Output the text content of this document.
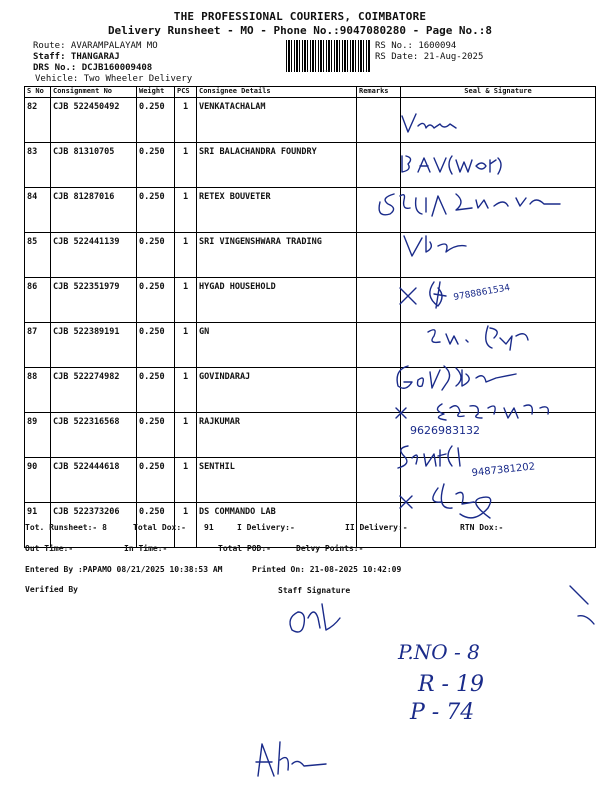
THE PROFESSIONAL COURIERS, COIMBATORE
Delivery Runsheet - MO - Phone No.:9047080280 - Page No.:8
Route: AVARAMPALAYAM MO
Staff: THANGARAJ
DRS No.: DCJB160009408
Vehicle: Two Wheeler Delivery
RS No.: 1600094
RS Date: 21-Aug-2025
S No	Consignment No	Weight	PCS	Consignee Details	Remarks	Seal & Signature
82	CJB 522450492	0.250	1	VENKATACHALAM		
83	CJB 81310705	0.250	1	SRI BALACHANDRA FOUNDRY		
84	CJB 81287016	0.250	1	RETEX BOUVETER		
85	CJB 522441139	0.250	1	SRI VINGENSHWARA TRADING		
86	CJB 522351979	0.250	1	HYGAD HOUSEHOLD		
87	CJB 522389191	0.250	1	GN		
88	CJB 522274982	0.250	1	GOVINDARAJ		
89	CJB 522316568	0.250	1	RAJKUMAR		
90	CJB 522444618	0.250	1	SENTHIL		
91	CJB 522373206	0.250	1	DS COMMANDO LAB		
Tot. Runsheet:- 8	Total Dox:- 91	I Delivery:-	II Delivery:-	RTN Dox:-
Out Time:-	In Time:-	Total POD:-	Delvy Points:-
Entered By :PAPAMO 08/21/2025 10:38:53 AM	Printed On: 21-08-2025 10:42:09
Verified By	Staff Signature
9788861534
9626983132
9487381202
P.NO - 8
R - 19
P - 74
